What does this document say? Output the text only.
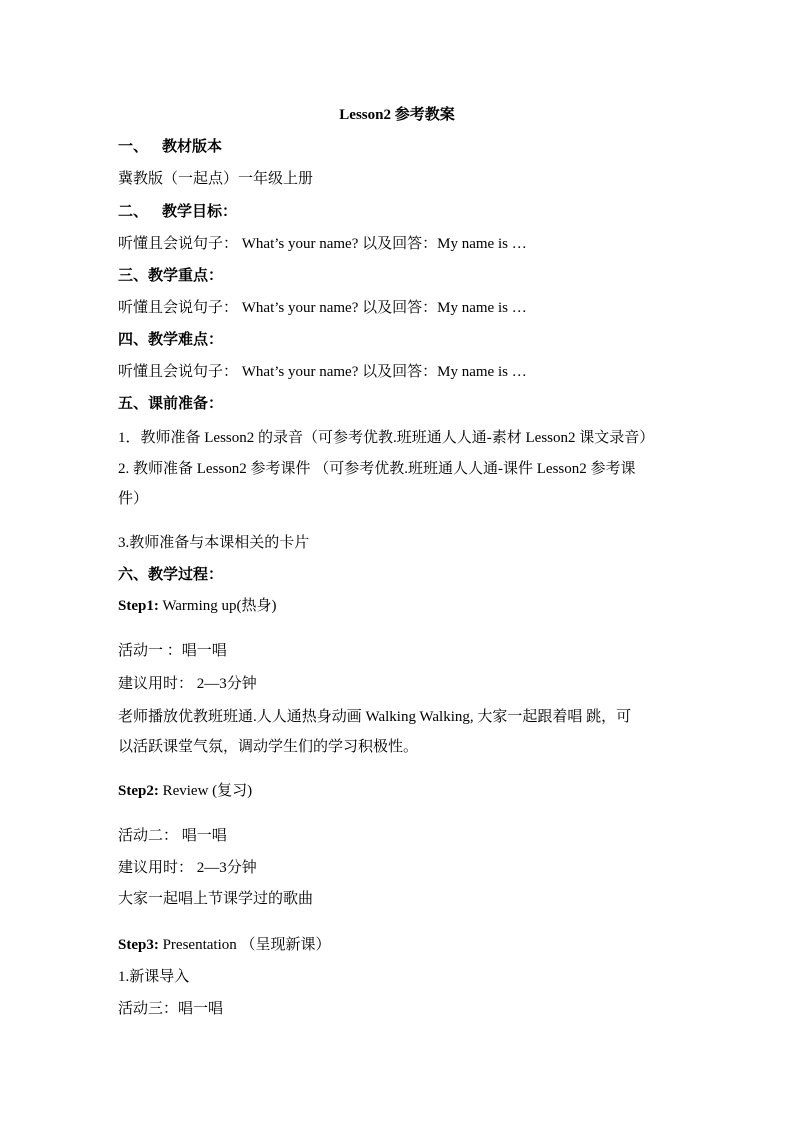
Lesson2 参考教案
一、 教材版本
冀教版（一起点）一年级上册
二、 教学目标：
听懂且会说句子： What’s your name? 以及回答：My name is …
三、教学重点：
听懂且会说句子： What’s your name? 以及回答：My name is …
四、教学难点：
听懂且会说句子： What’s your name? 以及回答：My name is …
五、课前准备：
1．教师准备 Lesson2 的录音（可参考优教.班班通人人通-素材 Lesson2 课文录音）
2. 教师准备 Lesson2 参考课件 （可参考优教.班班通人人通-课件 Lesson2 参考课
件）
3.教师准备与本课相关的卡片
六、教学过程：
Step1: Warming up(热身)
活动一 ：唱一唱
建议用时： 2—3分钟
老师播放优教班班通.人人通热身动画 Walking Walking, 大家一起跟着唱 跳，可
以活跃课堂气氛，调动学生们的学习积极性。
Step2: Review (复习)
活动二： 唱一唱
建议用时： 2—3分钟
大家一起唱上节课学过的歌曲
Step3: Presentation （呈现新课）
1.新课导入
活动三：唱一唱
